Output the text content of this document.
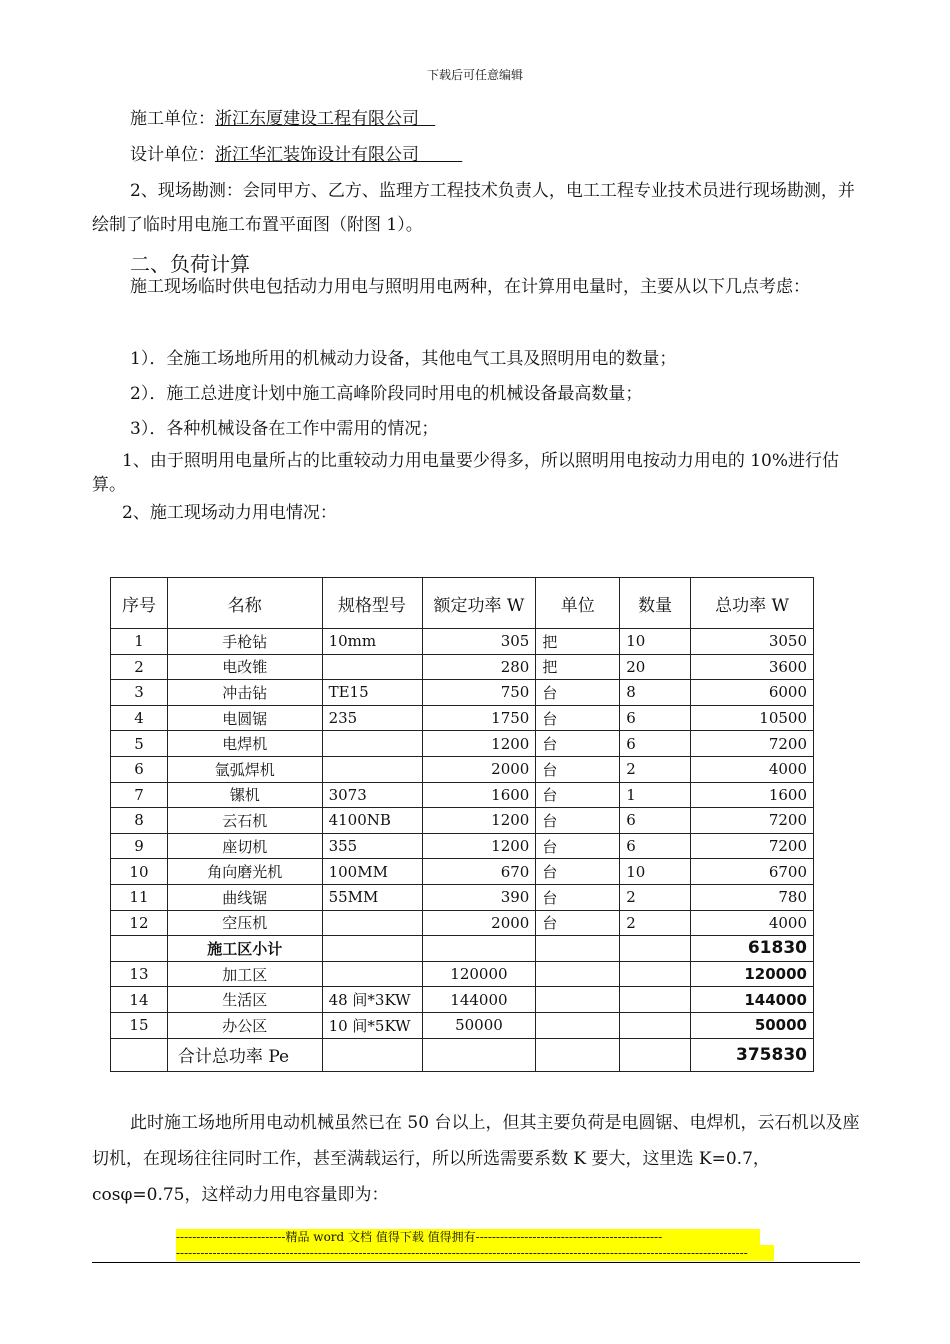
下载后可任意编辑
施工单位：浙江东厦建设工程有限公司
设计单位：浙江华汇装饰设计有限公司
2、现场勘测：会同甲方、乙方、监理方工程技术负责人，电工工程专业技术员进行现场勘测，并绘制了临时用电施工布置平面图（附图 1）。
二、负荷计算
施工现场临时供电包括动力用电与照明用电两种，在计算用电量时，主要从以下几点考虑：
1）．全施工场地所用的机械动力设备，其他电气工具及照明用电的数量；
2）．施工总进度计划中施工高峰阶段同时用电的机械设备最高数量；
3）．各种机械设备在工作中需用的情况；
1、由于照明用电量所占的比重较动力用电量要少得多，所以照明用电按动力用电的 10%进行估算。
2、施工现场动力用电情况：
序号	名称	规格型号	额定功率 W	单位	数量	总功率 W
1	手枪钻	10mm	305	把	10	3050
2	电改锥		280	把	20	3600
3	冲击钻	TE15	750	台	8	6000
4	电圆锯	235	1750	台	6	10500
5	电焊机		1200	台	6	7200
6	氩弧焊机		2000	台	2	4000
7	镙机	3073	1600	台	1	1600
8	云石机	4100NB	1200	台	6	7200
9	座切机	355	1200	台	6	7200
10	角向磨光机	100MM	670	台	10	6700
11	曲线锯	55MM	390	台	2	780
12	空压机		2000	台	2	4000
	施工区小计					61830
13	加工区		120000			120000
14	生活区	48 间*3KW	144000			144000
15	办公区	10 间*5KW	50000			50000
	合计总功率 Pe					375830
此时施工场地所用电动机械虽然已在 50 台以上，但其主要负荷是电圆锯、电焊机，云石机以及座切机，在现场往往同时工作，甚至满载运行，所以所选需要系数 K 要大，这里选 K=0.7，cosφ=0.75，这样动力用电容量即为：
---------------------------精品 word 文档 值得下载 值得拥有----------------------------------------------
---------------------------------------------------------------------------------------------------------------------------------------------
